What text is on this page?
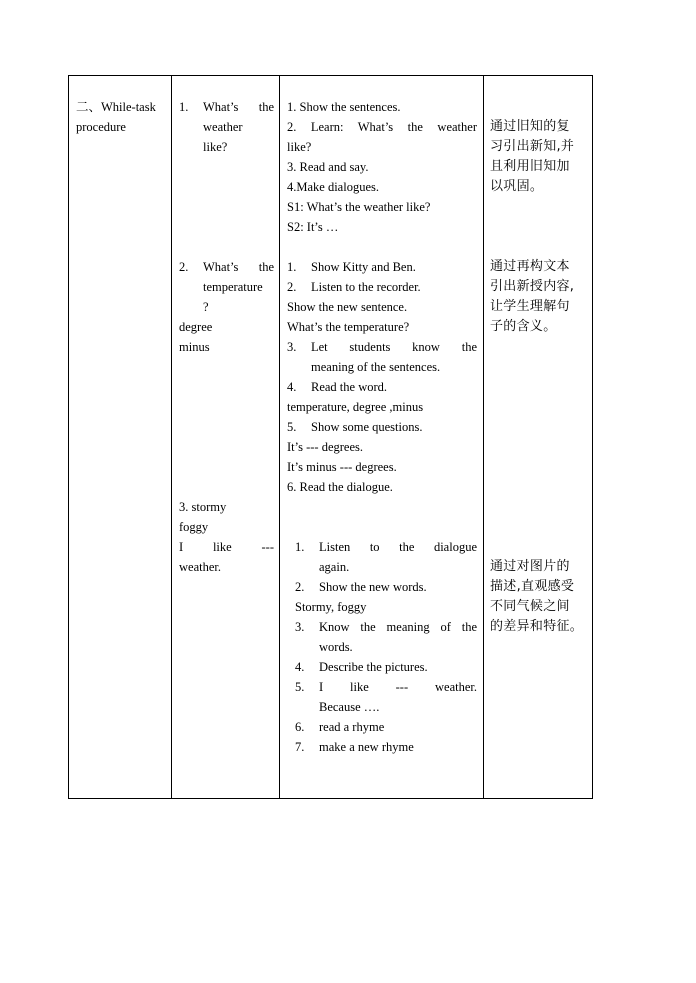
二、While-task procedure

1.	What’s the
weather
like?
2.	What’s the
temperature
?
degree
minus
3. stormy
foggy
I like ---
weather.

1. Show the sentences.
2. Learn: What’s the weather
like?
3. Read and say.
4.Make dialogues.
S1: What’s the weather like?
S2: It’s …
1.	Show Kitty and Ben.
2.	Listen to the recorder.
Show the new sentence.
What’s the temperature?
3.	Let students know the
meaning of the sentences.
4.	Read the word.
temperature, degree ,minus
5.	Show some questions.
It’s --- degrees.
It’s minus --- degrees.
6. Read the dialogue.
1.	Listen to the dialogue
again.
2.	Show the new words.
Stormy, foggy
3.	Know the meaning of the
words.
4.	Describe the pictures.
5.	I like --- weather.
Because ….
6.	read a rhyme
7.	make a new rhyme

通过旧知的复
习引出新知,并
且利用旧知加
以巩固。
通过再构文本
引出新授内容,
让学生理解句
子的含义。
通过对图片的
描述,直观感受
不同气候之间
的差异和特征。
